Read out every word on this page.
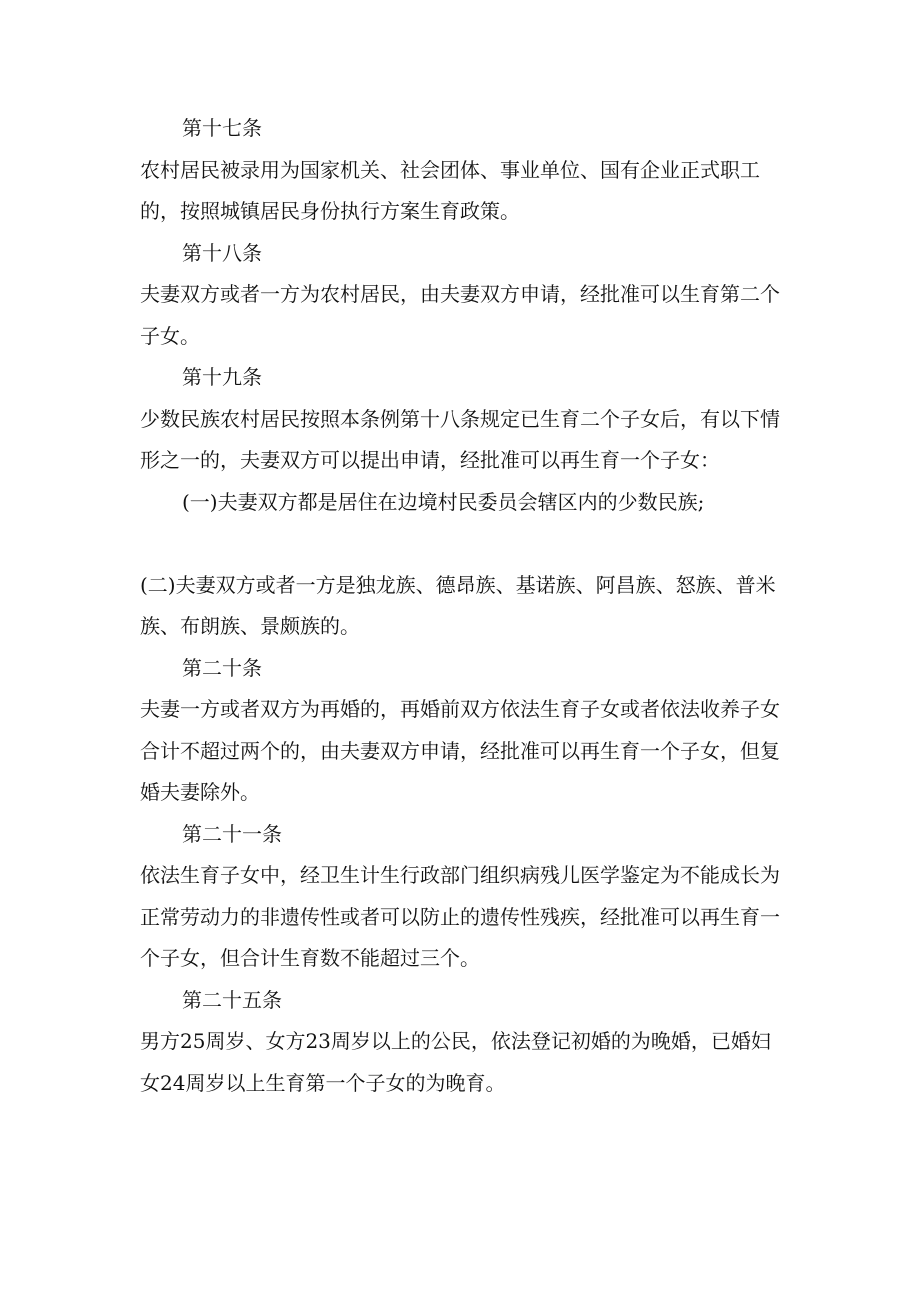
第十七条
农村居民被录用为国家机关、社会团体、事业单位、国有企业正式职工的，按照城镇居民身份执行方案生育政策。
第十八条
夫妻双方或者一方为农村居民，由夫妻双方申请，经批准可以生育第二个子女。
第十九条
少数民族农村居民按照本条例第十八条规定已生育二个子女后，有以下情形之一的，夫妻双方可以提出申请，经批准可以再生育一个子女：
(一)夫妻双方都是居住在边境村民委员会辖区内的少数民族;
(二)夫妻双方或者一方是独龙族、德昂族、基诺族、阿昌族、怒族、普米族、布朗族、景颇族的。
第二十条
夫妻一方或者双方为再婚的，再婚前双方依法生育子女或者依法收养子女合计不超过两个的，由夫妻双方申请，经批准可以再生育一个子女，但复婚夫妻除外。
第二十一条
依法生育子女中，经卫生计生行政部门组织病残儿医学鉴定为不能成长为正常劳动力的非遗传性或者可以防止的遗传性残疾，经批准可以再生育一个子女，但合计生育数不能超过三个。
第二十五条
男方25周岁、女方23周岁以上的公民，依法登记初婚的为晚婚，已婚妇女24周岁以上生育第一个子女的为晚育。
